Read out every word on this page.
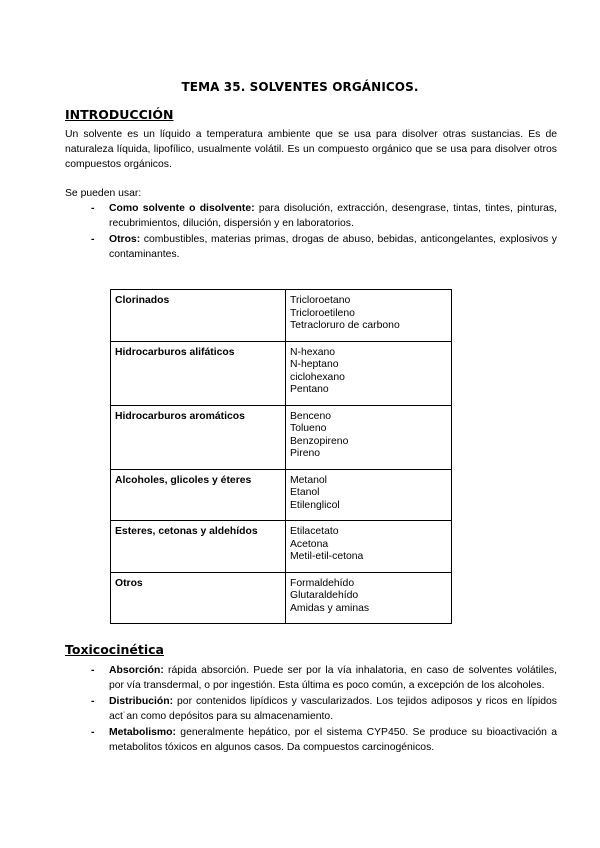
TEMA 35. SOLVENTES ORGÁNICOS.
INTRODUCCIÓN
Un solvente es un líquido a temperatura ambiente que se usa para disolver otras sustancias. Es de naturaleza líquida, lipofílico, usualmente volátil. Es un compuesto orgánico que se usa para disolver otros compuestos orgánicos.
Se pueden usar:
- Como solvente o disolvente: para disolución, extracción, desengrase, tintas, tintes, pinturas, recubrimientos, dilución, dispersión y en laboratorios.
- Otros: combustibles, materias primas, drogas de abuso, bebidas, anticongelantes, explosivos y contaminantes.
Clorinados	Tricloroetano
Tricloroetileno
Tetracloruro de carbono

Hidrocarburos alifáticos	N-hexano
N-heptano
ciclohexano
Pentano

Hidrocarburos aromáticos	Benceno
Tolueno
Benzopireno
Pireno

Alcoholes, glicoles y éteres	Metanol
Etanol
Etilenglicol

Esteres, cetonas y aldehídos	Etilacetato
Acetona
Metil-etil-cetona

Otros	Formaldehído
Glutaraldehído
Amidas y aminas
Toxicocinética
- Absorción: rápida absorción. Puede ser por la vía inhalatoria, en caso de solventes volátiles, por vía transdermal, o por ingestión. Esta última es poco común, a excepción de los alcoholes.
- Distribución: por contenidos lipídicos y vascularizados. Los tejidos adiposos y ricos en lípidos act˙an como depósitos para su almacenamiento.
- Metabolismo: generalmente hepático, por el sistema CYP450. Se produce su bioactivación a metabolitos tóxicos en algunos casos. Da compuestos carcinogénicos.
